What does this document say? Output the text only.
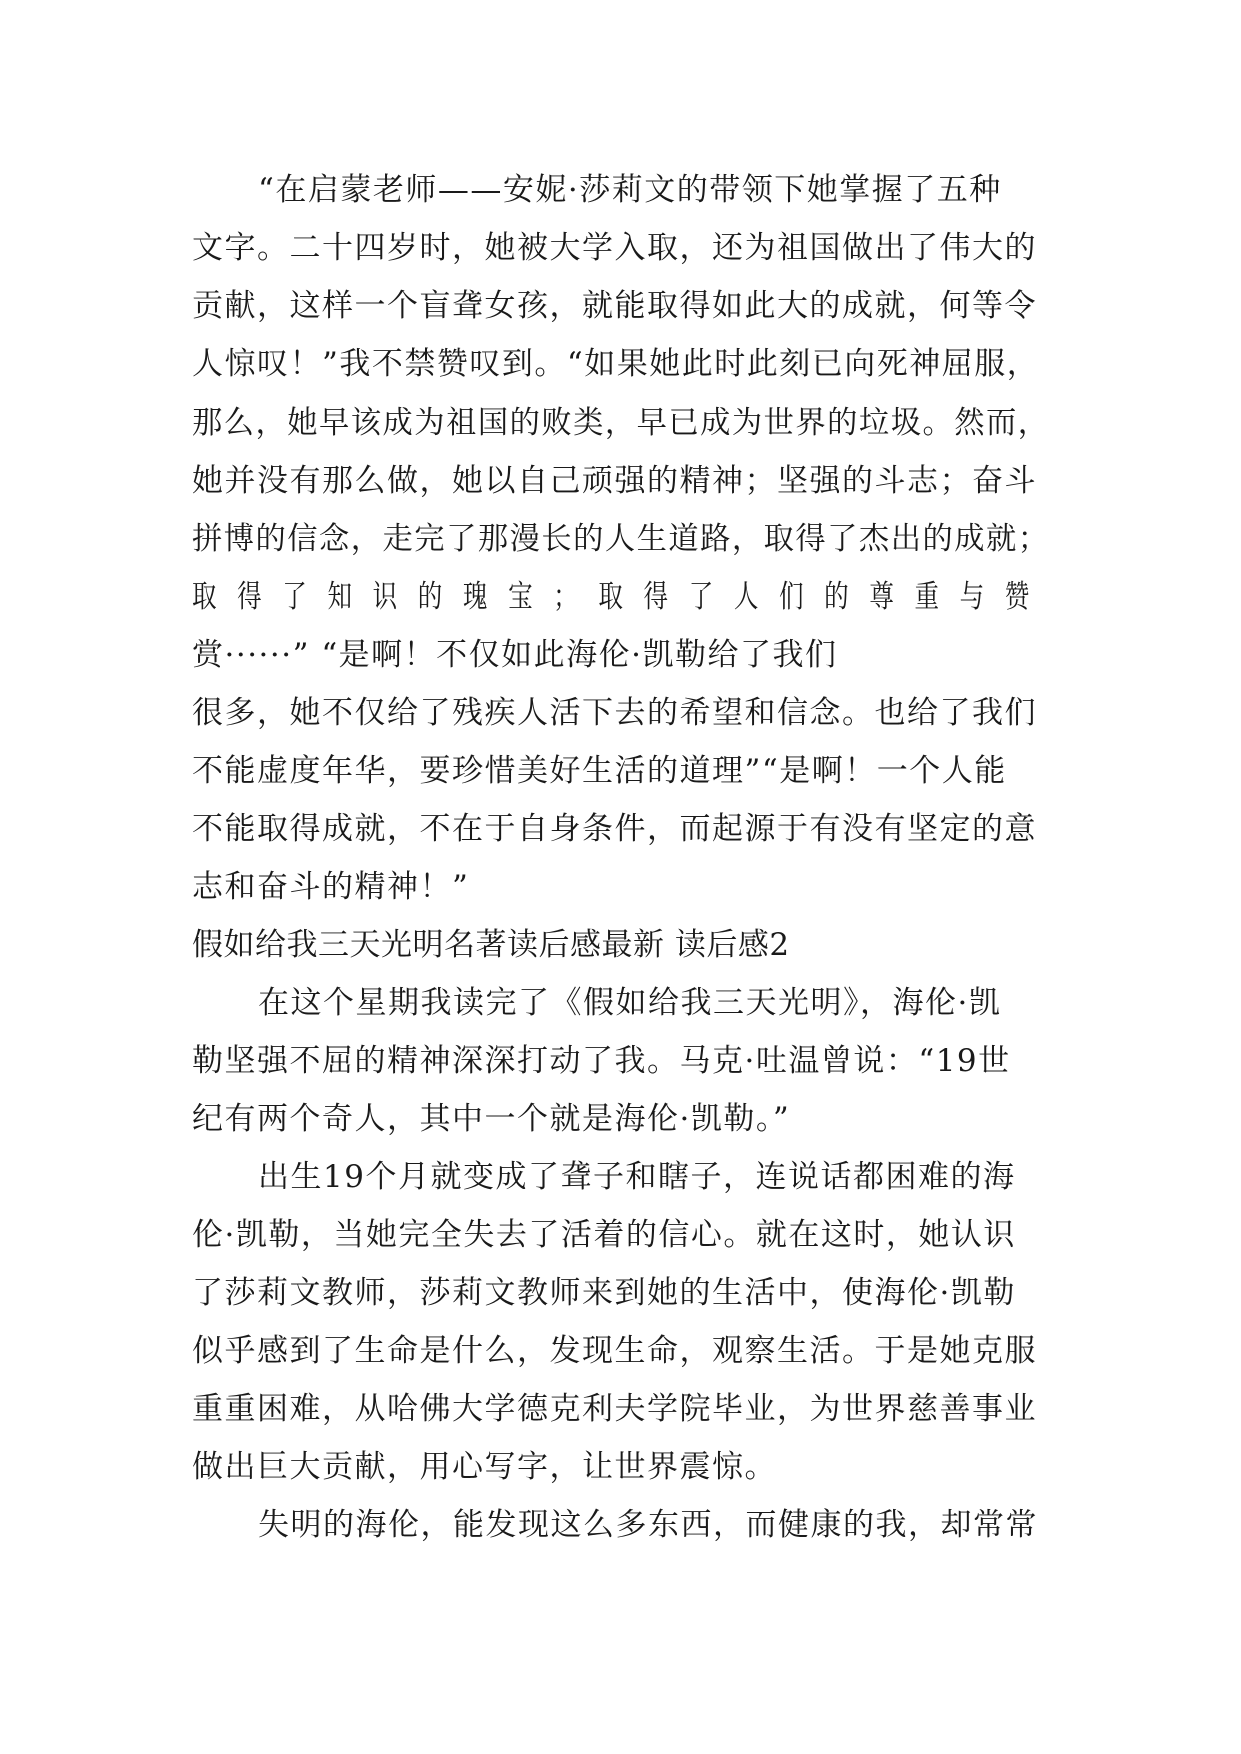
“在启蒙老师——安妮·莎莉文的带领下她掌握了五种
文字。二十四岁时，她被大学入取，还为祖国做出了伟大的
贡献，这样一个盲聋女孩，就能取得如此大的成就，何等令
人惊叹！”我不禁赞叹到。“如果她此时此刻已向死神屈服，
那么，她早该成为祖国的败类，早已成为世界的垃圾。然而，
她并没有那么做，她以自己顽强的精神；坚强的斗志；奋斗
拼博的信念，走完了那漫长的人生道路，取得了杰出的成就；
取得了知识的瑰宝；取得了人们的尊重与赞
赏······” “是啊！不仅如此海伦·凯勒给了我们
很多，她不仅给了残疾人活下去的希望和信念。也给了我们
不能虚度年华，要珍惜美好生活的道理”“是啊！一个人能
不能取得成就，不在于自身条件，而起源于有没有坚定的意
志和奋斗的精神！”
假如给我三天光明名著读后感最新 读后感2
在这个星期我读完了《假如给我三天光明》，海伦·凯
勒坚强不屈的精神深深打动了我。马克·吐温曾说：“19世
纪有两个奇人，其中一个就是海伦·凯勒。”
出生19个月就变成了聋子和瞎子，连说话都困难的海
伦·凯勒，当她完全失去了活着的信心。就在这时，她认识
了莎莉文教师，莎莉文教师来到她的生活中，使海伦·凯勒
似乎感到了生命是什么，发现生命，观察生活。于是她克服
重重困难，从哈佛大学德克利夫学院毕业，为世界慈善事业
做出巨大贡献，用心写字，让世界震惊。
失明的海伦，能发现这么多东西，而健康的我，却常常
